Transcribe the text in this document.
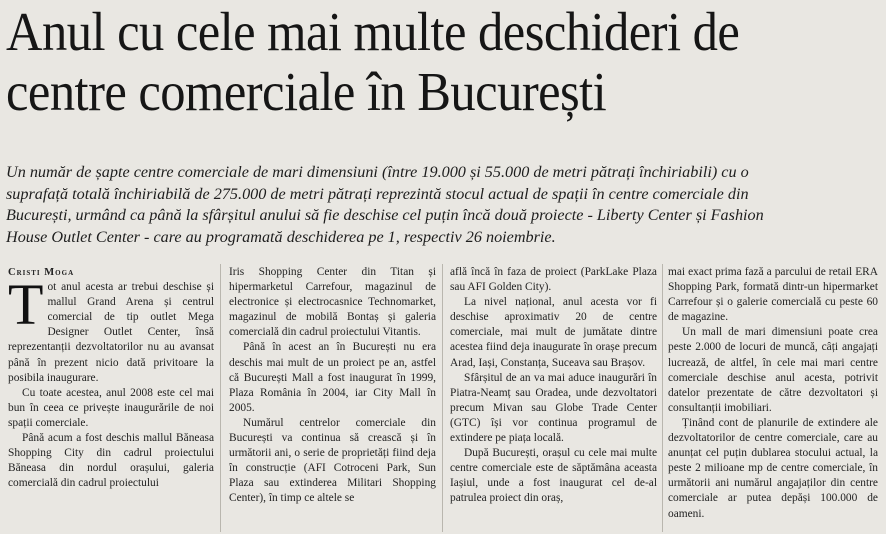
Anul cu cele mai multe deschideri de
centre comerciale în București
Un număr de șapte centre comerciale de mari dimensiuni (între 19.000 și 55.000 de metri pătrați închiriabili) cu o
suprafață totală închiriabilă de 275.000 de metri pătrați reprezintă stocul actual de spații în centre comerciale din
București, urmând ca până la sfârșitul anului să fie deschise cel puțin încă două proiecte - Liberty Center și Fashion
House Outlet Center - care au programată deschiderea pe 1, respectiv 26 noiembrie.

Cristi Moga

Tot anul acesta ar trebui deschise și mallul Grand Arena și centrul comercial de tip outlet Mega Designer Outlet Center, însă reprezentanții dezvoltatorilor nu au avansat până în prezent nicio dată privitoare la posibila inaugurare.

Cu toate acestea, anul 2008 este cel mai bun în ceea ce privește inaugurările de noi spații comerciale.

Până acum a fost deschis mallul Băneasa Shopping City din cadrul proiectului Băneasa din nordul orașului, galeria comercială din cadrul proiectului

Iris Shopping Center din Titan și hipermarketul Carrefour, magazinul de electronice și electrocasnice Technomarket, magazinul de mobilă Bontaș și galeria comercială din cadrul proiectului Vitantis.

Până în acest an în București nu era deschis mai mult de un proiect pe an, astfel că București Mall a fost inaugurat în 1999, Plaza România în 2004, iar City Mall în 2005.

Numărul centrelor comerciale din București va continua să crească și în următorii ani, o serie de proprietăți fiind deja în construcție (AFI Cotroceni Park, Sun Plaza sau extinderea Militari Shopping Center), în timp ce altele se

află încă în faza de proiect (ParkLake Plaza sau AFI Golden City).

La nivel național, anul acesta vor fi deschise aproximativ 20 de centre comerciale, mai mult de jumătate dintre acestea fiind deja inaugurate în orașe precum Arad, Iași, Constanța, Suceava sau Brașov.

Sfârșitul de an va mai aduce inaugurări în Piatra-Neamț sau Oradea, unde dezvoltatori precum Mivan sau Globe Trade Center (GTC) își vor continua programul de extindere pe piața locală.

După București, orașul cu cele mai multe centre comerciale este de săptămâna aceasta Iașiul, unde a fost inaugurat cel de-al patrulea proiect din oraș,

mai exact prima fază a parcului de retail ERA Shopping Park, formată dintr-un hipermarket Carrefour și o galerie comercială cu peste 60 de magazine.

Un mall de mari dimensiuni poate crea peste 2.000 de locuri de muncă, câți angajați lucrează, de altfel, în cele mai mari centre comerciale deschise anul acesta, potrivit datelor prezentate de către dezvoltatori și consultanții imobiliari.

Ținând cont de planurile de extindere ale dezvoltatorilor de centre comerciale, care au anunțat cel puțin dublarea stocului actual, la peste 2 milioane mp de centre comerciale, în următorii ani numărul angajaților din centre comerciale ar putea depăși 100.000 de oameni.
